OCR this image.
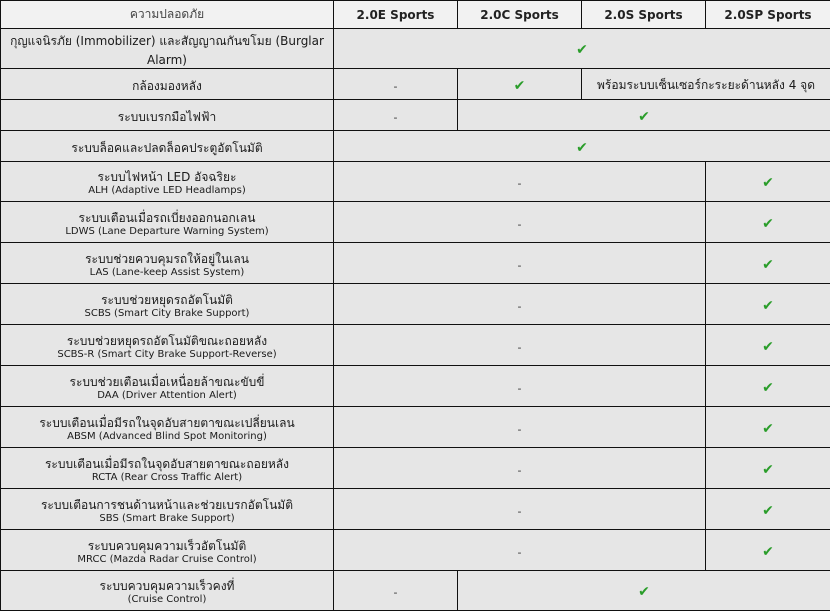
ความปลอดภัย	2.0E Sports	2.0C Sports	2.0S Sports	2.0SP Sports
กุญแจนิรภัย (Immobilizer) และสัญญาณกันขโมย (Burglar Alarm)	✔			
กล้องมองหลัง	-	✔	พร้อมระบบเซ็นเซอร์กะระยะด้านหลัง 4 จุด	
ระบบเบรกมือไฟฟ้า	-	✔		
ระบบล็อคและปลดล็อคประตูอัตโนมัติ	✔			
ระบบไฟหน้า LED อัจฉริยะ
ALH (Adaptive LED Headlamps)	-			✔
ระบบเตือนเมื่อรถเบี่ยงออกนอกเลน
LDWS (Lane Departure Warning System)	-			✔
ระบบช่วยควบคุมรถให้อยู่ในเลน
LAS (Lane-keep Assist System)	-			✔
ระบบช่วยหยุดรถอัตโนมัติ
SCBS (Smart City Brake Support)	-			✔
ระบบช่วยหยุดรถอัตโนมัติขณะถอยหลัง
SCBS-R (Smart City Brake Support-Reverse)	-			✔
ระบบช่วยเตือนเมื่อเหนื่อยล้าขณะขับขี่
DAA (Driver Attention Alert)	-			✔
ระบบเตือนเมื่อมีรถในจุดอับสายตาขณะเปลี่ยนเลน
ABSM (Advanced Blind Spot Monitoring)	-			✔
ระบบเตือนเมื่อมีรถในจุดอับสายตาขณะถอยหลัง
RCTA (Rear Cross Traffic Alert)	-			✔
ระบบเตือนการชนด้านหน้าและช่วยเบรกอัตโนมัติ
SBS (Smart Brake Support)	-			✔
ระบบควบคุมความเร็วอัตโนมัติ
MRCC (Mazda Radar Cruise Control)	-			✔
ระบบควบคุมความเร็วคงที่
(Cruise Control)	-	✔		
